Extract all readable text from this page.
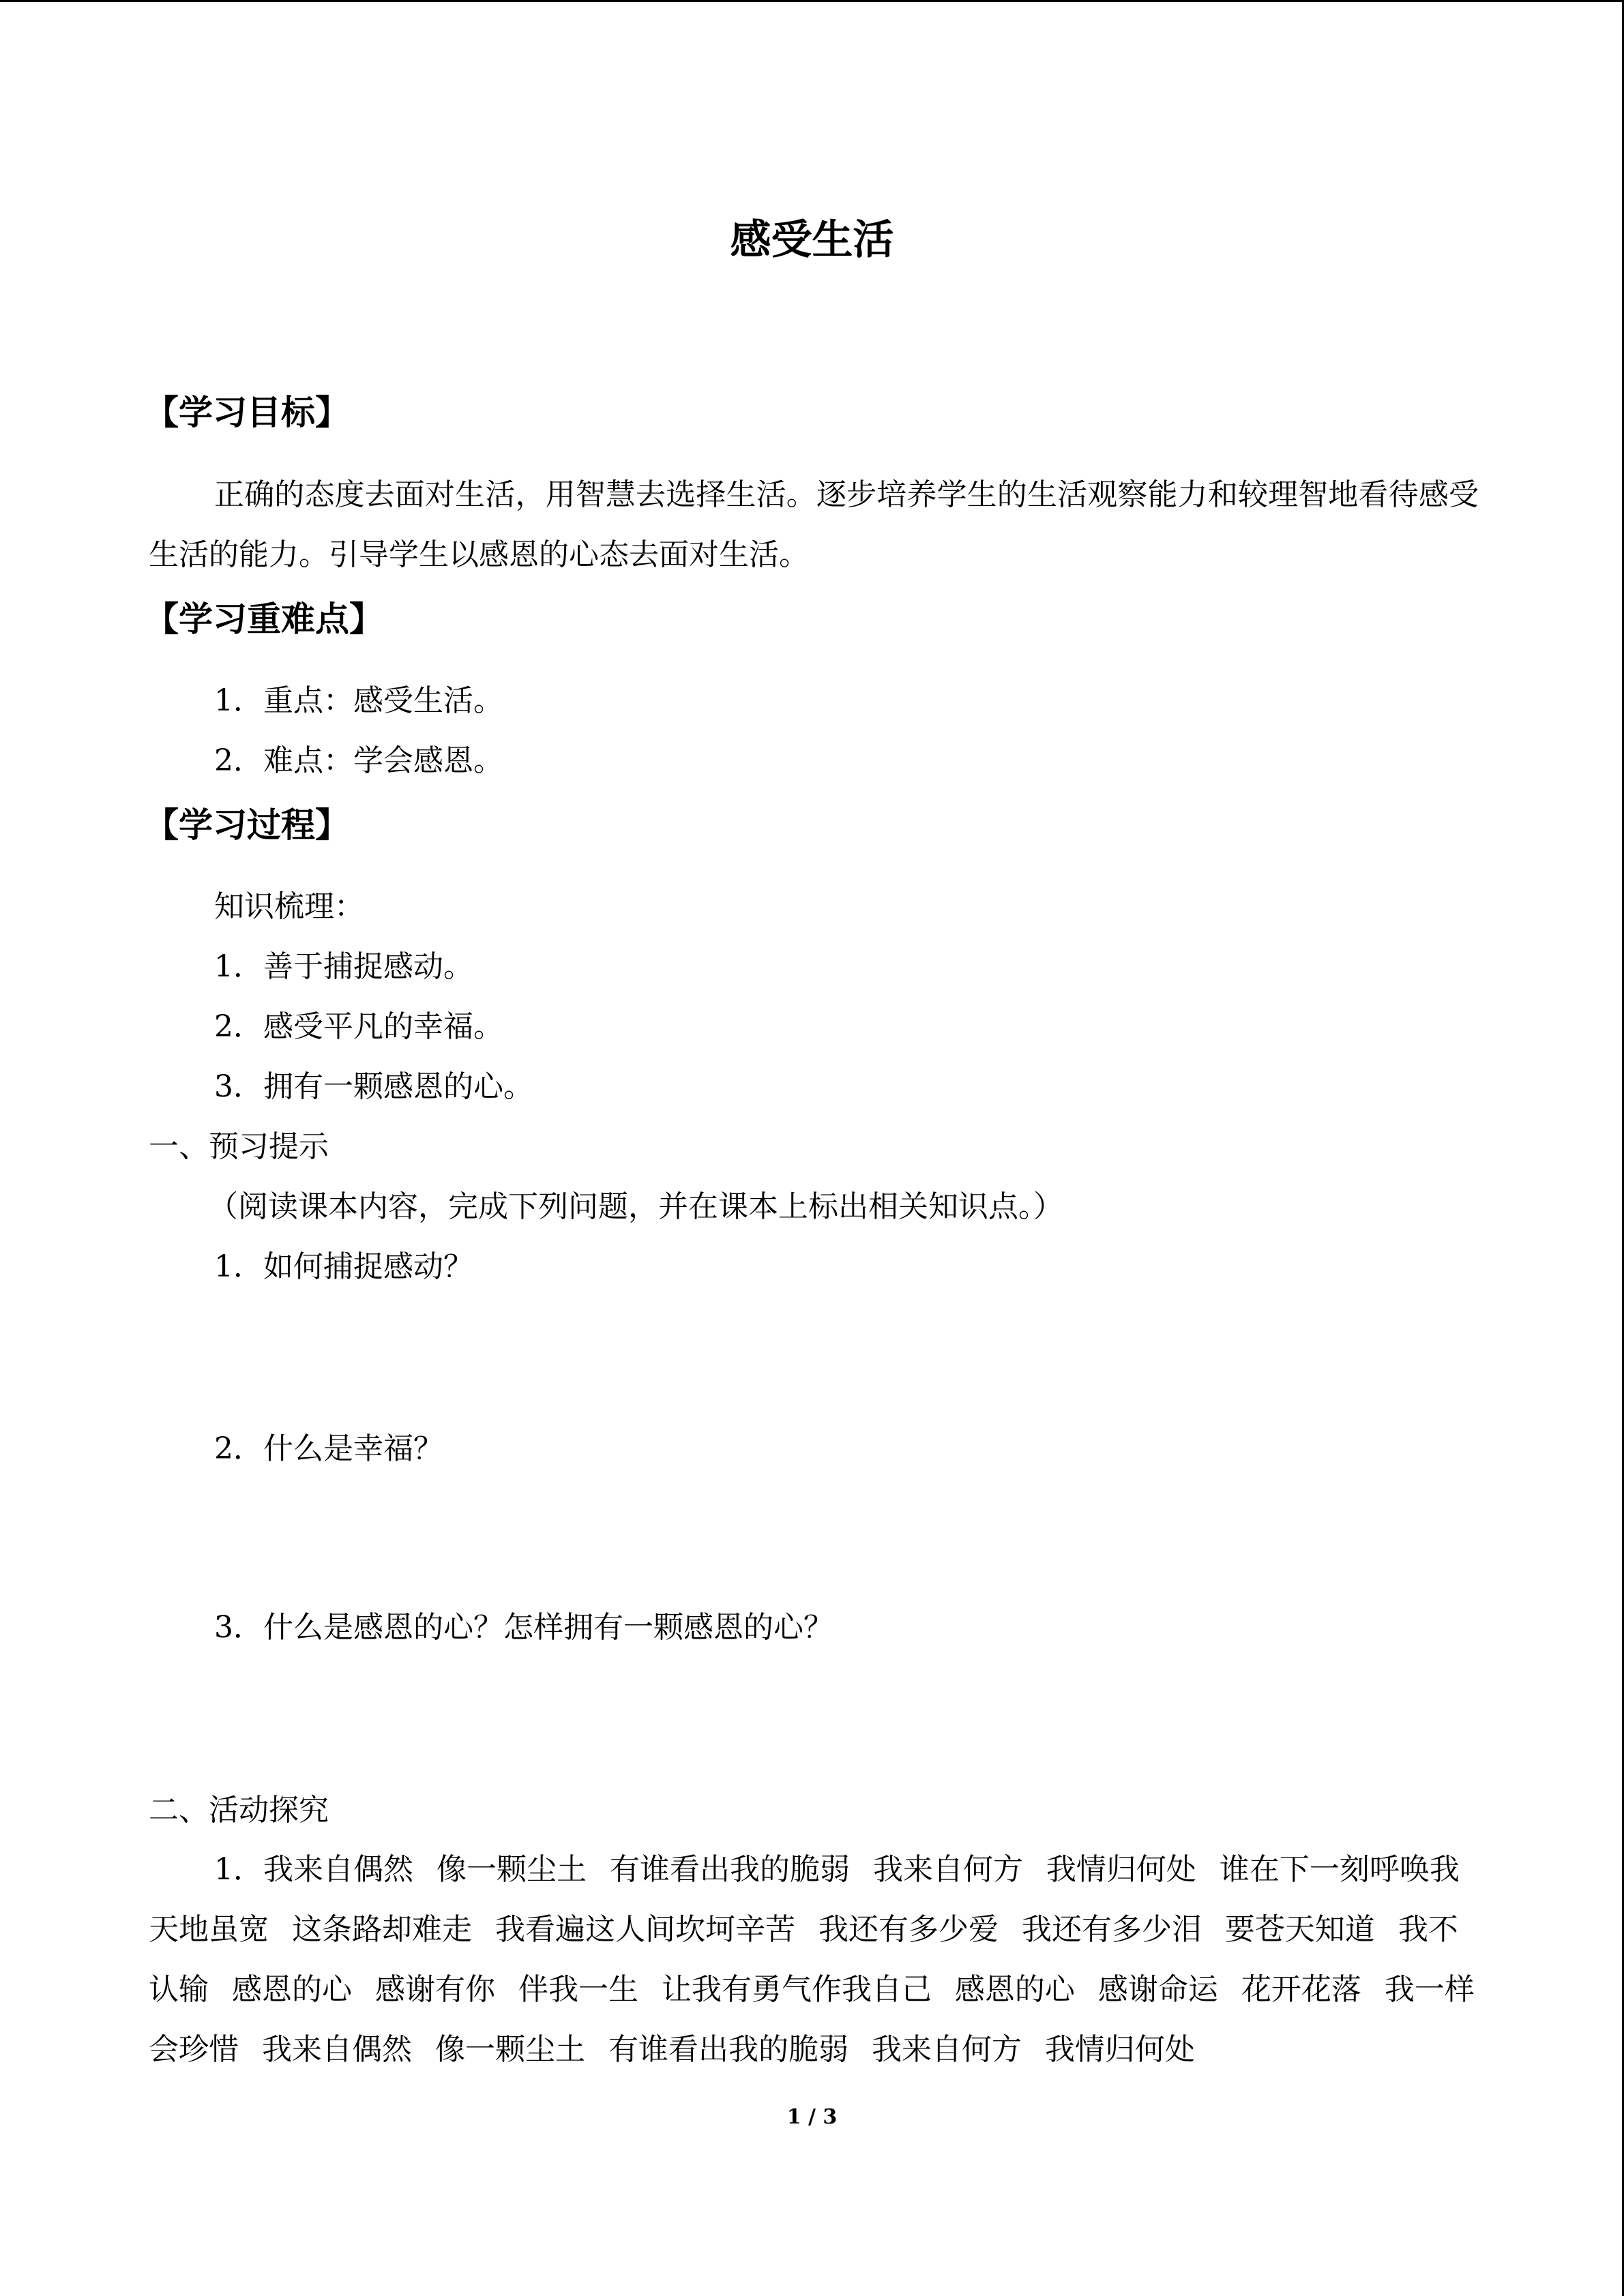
感受生活
【学习目标】
正确的态度去面对生活，用智慧去选择生活。逐步培养学生的生活观察能力和较理智地看待感受生活的能力。引导学生以感恩的心态去面对生活。
【学习重难点】
1．重点：感受生活。
2．难点：学会感恩。
【学习过程】
知识梳理：
1．善于捕捉感动。
2．感受平凡的幸福。
3．拥有一颗感恩的心。
一、预习提示
（阅读课本内容，完成下列问题，并在课本上标出相关知识点。）
1．如何捕捉感动？
2．什么是幸福？
3．什么是感恩的心？怎样拥有一颗感恩的心？
二、活动探究
1．我来自偶然 像一颗尘土 有谁看出我的脆弱 我来自何方 我情归何处 谁在下一刻呼唤我 天地虽宽 这条路却难走 我看遍这人间坎坷辛苦 我还有多少爱 我还有多少泪 要苍天知道 我不认输 感恩的心 感谢有你 伴我一生 让我有勇气作我自己 感恩的心 感谢命运 花开花落 我一样会珍惜 我来自偶然 像一颗尘土 有谁看出我的脆弱 我来自何方 我情归何处
1 / 3
